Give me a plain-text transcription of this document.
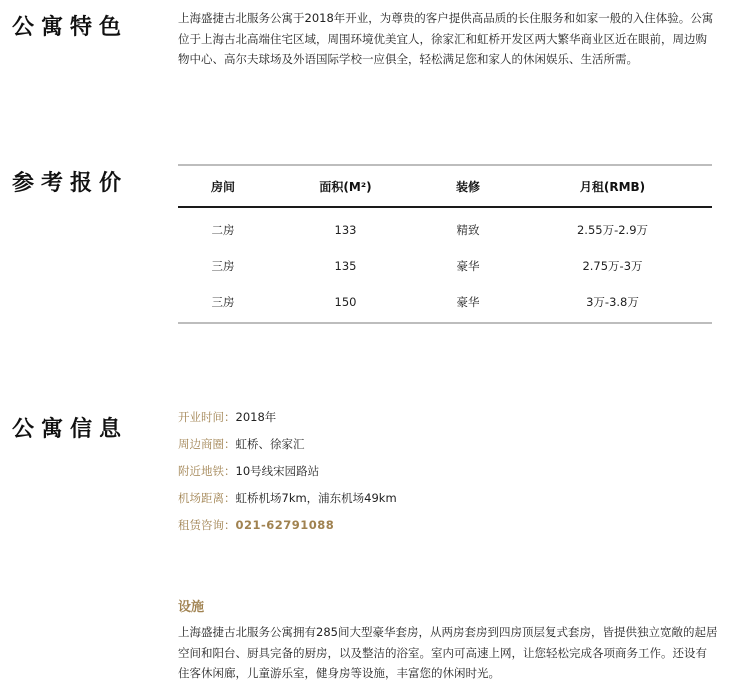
公寓特色	上海盛捷古北服务公寓于2018年开业，为尊贵的客户提供高品质的长住服务和如家一般的入住体验。公寓位于上海古北高端住宅区域，周围环境优美宜人，徐家汇和虹桥开发区两大繁华商业区近在眼前，周边购物中心、高尔夫球场及外语国际学校一应俱全，轻松满足您和家人的休闲娱乐、生活所需。

参考报价	房间	面积(M²)	装修	月租(RMB)
二房	133	精致	2.55万-2.9万
三房	135	豪华	2.75万-3万
三房	150	豪华	3万-3.8万
公寓信息	开业时间：2018年
周边商圈：虹桥、徐家汇
附近地铁：10号线宋园路站
机场距离：虹桥机场7km，浦东机场49km
租赁咨询：021-62791088
设施

上海盛捷古北服务公寓拥有285间大型豪华套房，从两房套房到四房顶层复式套房，皆提供独立宽敞的起居空间和阳台、厨具完备的厨房，以及整洁的浴室。室内可高速上网，让您轻松完成各项商务工作。还设有住客休闲廊，儿童游乐室，健身房等设施，丰富您的休闲时光。
